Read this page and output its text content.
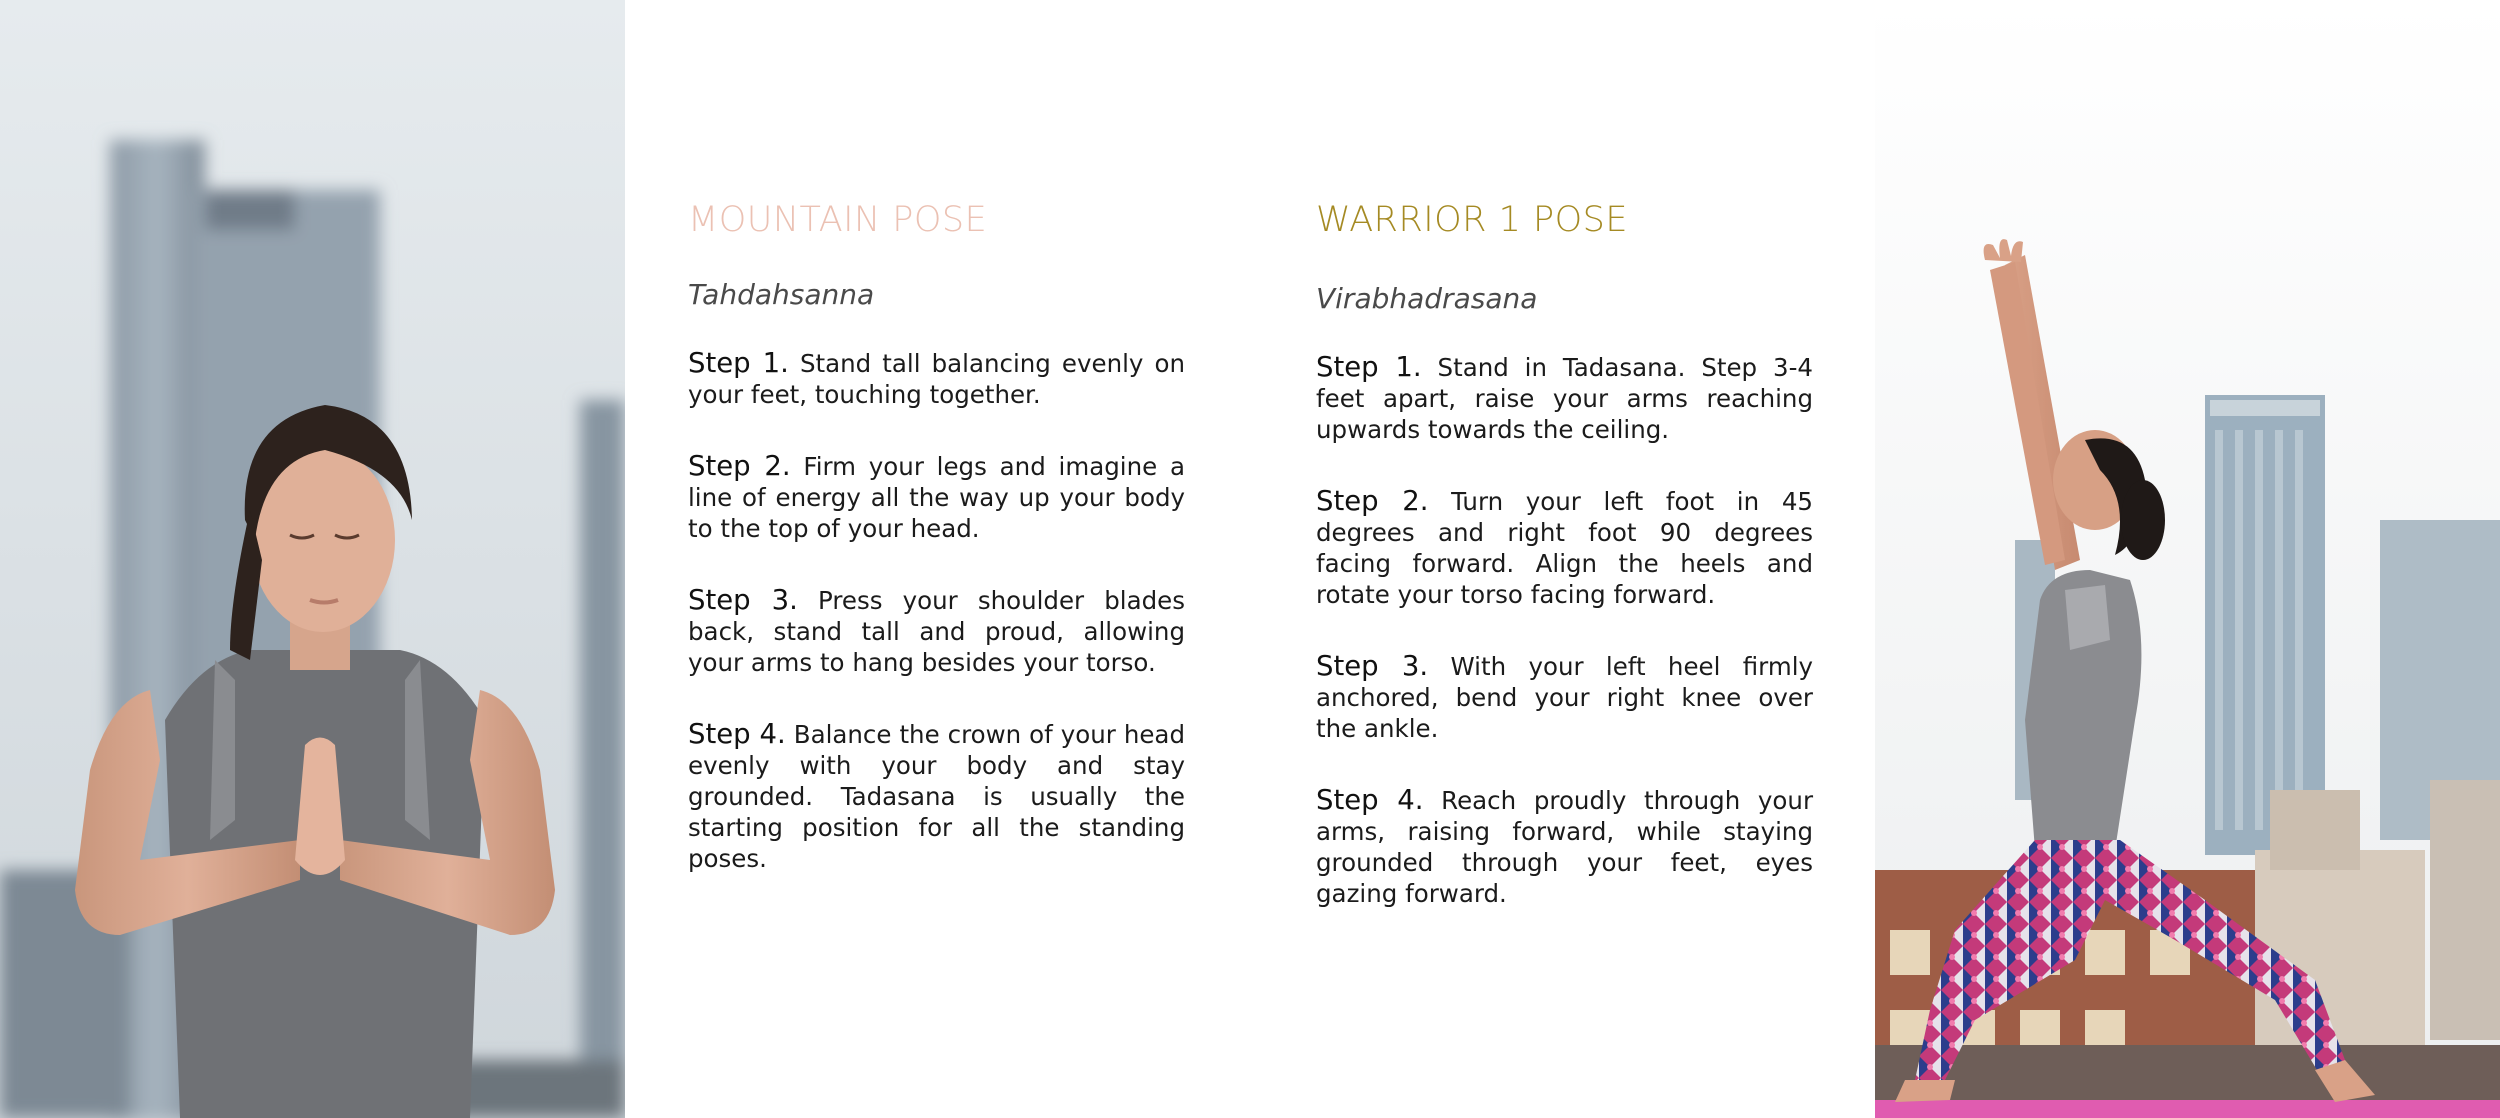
MOUNTAIN POSE
Tahdahsanna

Step 1. Stand tall balancing evenly on your feet, touching together.

Step 2. Firm your legs and imagine a line of energy all the way up your body to the top of your head.

Step 3. Press your shoulder blades back, stand tall and proud, allowing your arms to hang besides your torso.

Step 4. Balance the crown of your head evenly with your body and stay grounded. Tadasana is usually the starting position for all the standing poses.

WARRIOR 1 POSE
Virabhadrasana

Step 1. Stand in Tadasana. Step 3-4 feet apart, raise your arms reaching upwards towards the ceiling.

Step 2. Turn your left foot in 45 degrees and right foot 90 degrees facing forward. Align the heels and rotate your torso facing forward.

Step 3. With your left heel firmly anchored, bend your right knee over the ankle.

Step 4. Reach proudly through your arms, raising forward, while staying grounded through your feet, eyes gazing forward.
